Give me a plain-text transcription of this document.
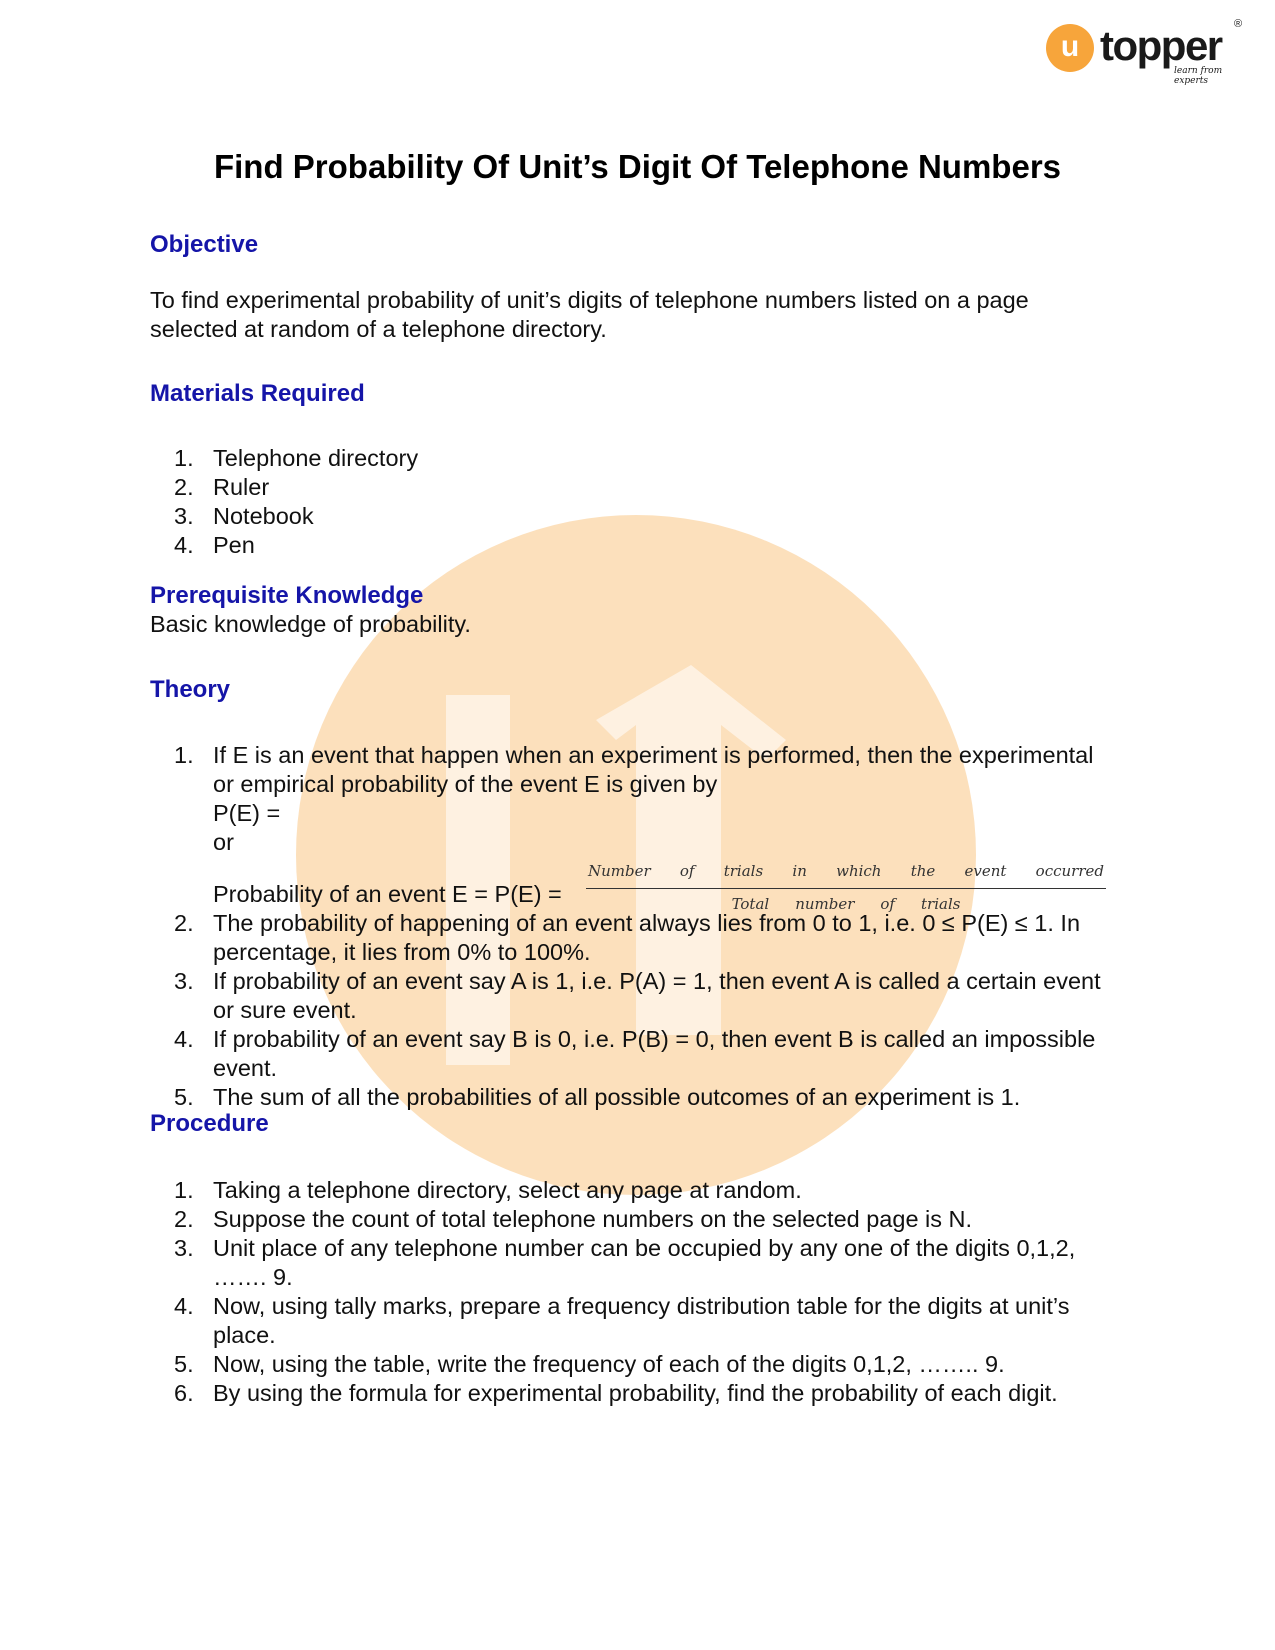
u topper ®
learn from experts
Find Probability Of Unit’s Digit Of Telephone Numbers
Objective

To find experimental probability of unit’s digits of telephone numbers listed on a page selected at random of a telephone directory.

Materials Required
1. Telephone directory
2. Ruler
3. Notebook
4. Pen
Prerequisite Knowledge

Basic knowledge of probability.

Theory
1. If E is an event that happen when an experiment is performed, then the experimental or empirical probability of the event E is given by
P(E) =
or
Probability of an event E = P(E) =
Number of trials in which the event occurred
Total number of trials
2. The probability of happening of an event always lies from 0 to 1, i.e. 0 ≤ P(E) ≤ 1. In percentage, it lies from 0% to 100%.
3. If probability of an event say A is 1, i.e. P(A) = 1, then event A is called a certain event or sure event.
4. If probability of an event say B is 0, i.e. P(B) = 0, then event B is called an impossible event.
5. The sum of all the probabilities of all possible outcomes of an experiment is 1.
Procedure
1. Taking a telephone directory, select any page at random.
2. Suppose the count of total telephone numbers on the selected page is N.
3. Unit place of any telephone number can be occupied by any one of the digits 0,1,2, ……. 9.
4. Now, using tally marks, prepare a frequency distribution table for the digits at unit’s place.
5. Now, using the table, write the frequency of each of the digits 0,1,2, …….. 9.
6. By using the formula for experimental probability, find the probability of each digit.
